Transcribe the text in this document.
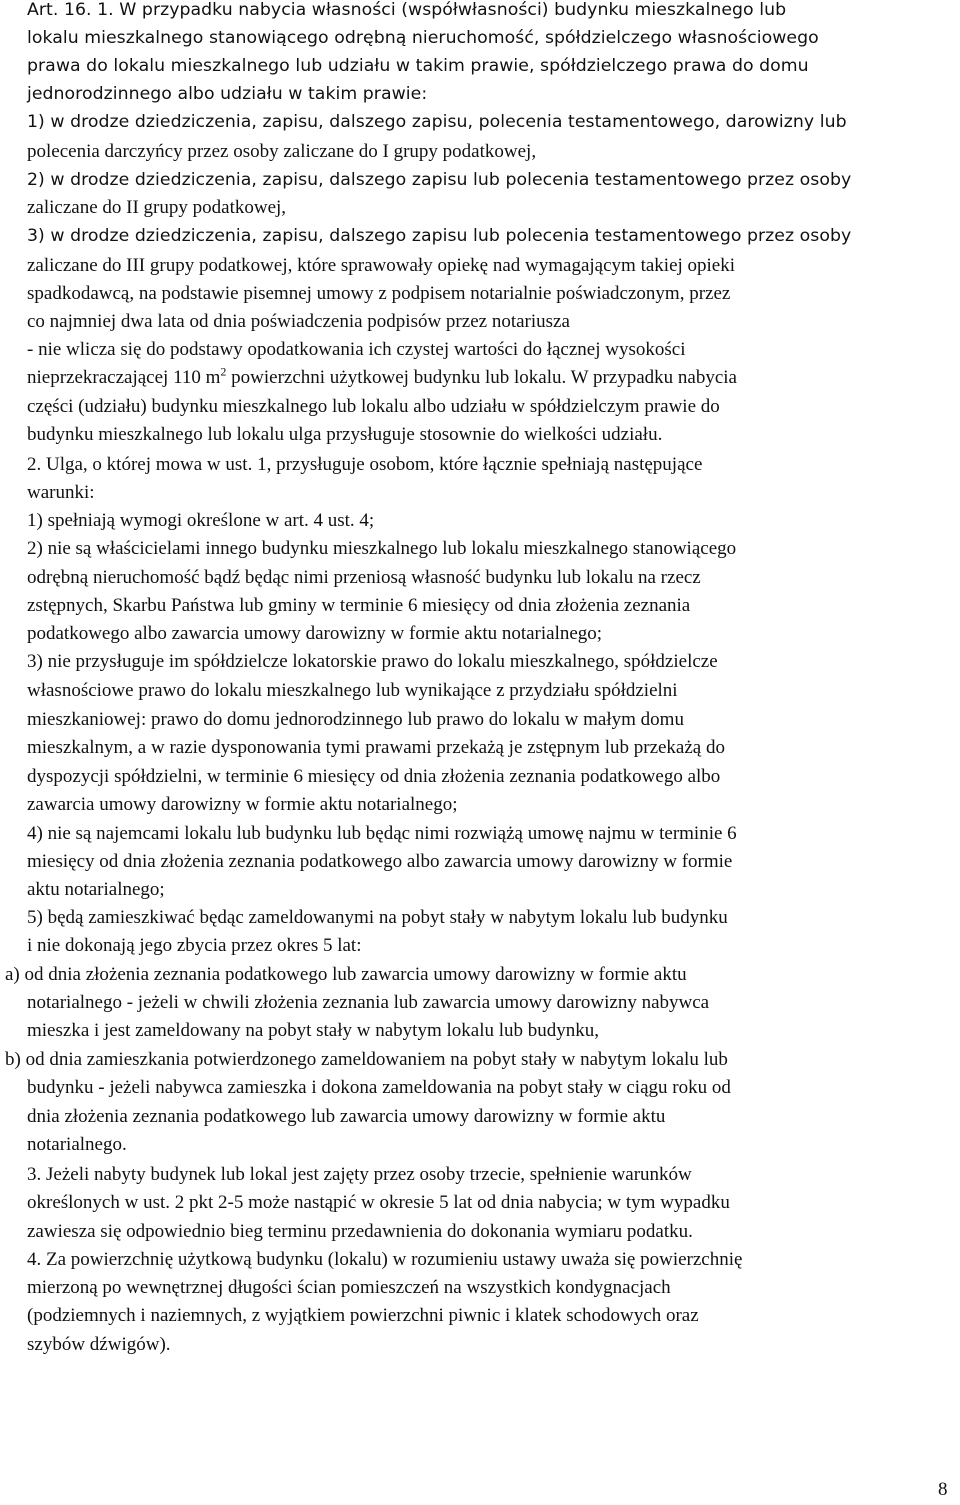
Art. 16. 1. W przypadku nabycia własności (współwłasności) budynku mieszkalnego lub
lokalu mieszkalnego stanowiącego odrębną nieruchomość, spółdzielczego własnościowego
prawa do lokalu mieszkalnego lub udziału w takim prawie, spółdzielczego prawa do domu
jednorodzinnego albo udziału w takim prawie:
1) w drodze dziedziczenia, zapisu, dalszego zapisu, polecenia testamentowego, darowizny lub
polecenia darczyńcy przez osoby zaliczane do I grupy podatkowej,
2) w drodze dziedziczenia, zapisu, dalszego zapisu lub polecenia testamentowego przez osoby
zaliczane do II grupy podatkowej,
3) w drodze dziedziczenia, zapisu, dalszego zapisu lub polecenia testamentowego przez osoby
zaliczane do III grupy podatkowej, które sprawowały opiekę nad wymagającym takiej opieki
spadkodawcą, na podstawie pisemnej umowy z podpisem notarialnie poświadczonym, przez
co najmniej dwa lata od dnia poświadczenia podpisów przez notariusza
- nie wlicza się do podstawy opodatkowania ich czystej wartości do łącznej wysokości
nieprzekraczającej 110 $m^2$ powierzchni użytkowej budynku lub lokalu. W przypadku nabycia
części (udziału) budynku mieszkalnego lub lokalu albo udziału w spółdzielczym prawie do
budynku mieszkalnego lub lokalu ulga przysługuje stosownie do wielkości udziału.
2. Ulga, o której mowa w ust. 1, przysługuje osobom, które łącznie spełniają następujące
warunki:
1) spełniają wymogi określone w art. 4 ust. 4;
2) nie są właścicielami innego budynku mieszkalnego lub lokalu mieszkalnego stanowiącego
odrębną nieruchomość bądź będąc nimi przeniosą własność budynku lub lokalu na rzecz
zstępnych, Skarbu Państwa lub gminy w terminie 6 miesięcy od dnia złożenia zeznania
podatkowego albo zawarcia umowy darowizny w formie aktu notarialnego;
3) nie przysługuje im spółdzielcze lokatorskie prawo do lokalu mieszkalnego, spółdzielcze
własnościowe prawo do lokalu mieszkalnego lub wynikające z przydziału spółdzielni
mieszkaniowej: prawo do domu jednorodzinnego lub prawo do lokalu w małym domu
mieszkalnym, a w razie dysponowania tymi prawami przekażą je zstępnym lub przekażą do
dyspozycji spółdzielni, w terminie 6 miesięcy od dnia złożenia zeznania podatkowego albo
zawarcia umowy darowizny w formie aktu notarialnego;
4) nie są najemcami lokalu lub budynku lub będąc nimi rozwiążą umowę najmu w terminie 6
miesięcy od dnia złożenia zeznania podatkowego albo zawarcia umowy darowizny w formie
aktu notarialnego;
5) będą zamieszkiwać będąc zameldowanymi na pobyt stały w nabytym lokalu lub budynku
i nie dokonają jego zbycia przez okres 5 lat:
a) od dnia złożenia zeznania podatkowego lub zawarcia umowy darowizny w formie aktu
notarialnego - jeżeli w chwili złożenia zeznania lub zawarcia umowy darowizny nabywca
mieszka i jest zameldowany na pobyt stały w nabytym lokalu lub budynku,
b) od dnia zamieszkania potwierdzonego zameldowaniem na pobyt stały w nabytym lokalu lub
budynku - jeżeli nabywca zamieszka i dokona zameldowania na pobyt stały w ciągu roku od
dnia złożenia zeznania podatkowego lub zawarcia umowy darowizny w formie aktu
notarialnego.
3. Jeżeli nabyty budynek lub lokal jest zajęty przez osoby trzecie, spełnienie warunków
określonych w ust. 2 pkt 2-5 może nastąpić w okresie 5 lat od dnia nabycia; w tym wypadku
zawiesza się odpowiednio bieg terminu przedawnienia do dokonania wymiaru podatku.
4. Za powierzchnię użytkową budynku (lokalu) w rozumieniu ustawy uważa się powierzchnię
mierzoną po wewnętrznej długości ścian pomieszczeń na wszystkich kondygnacjach
(podziemnych i naziemnych, z wyjątkiem powierzchni piwnic i klatek schodowych oraz
szybów dźwigów).
8
